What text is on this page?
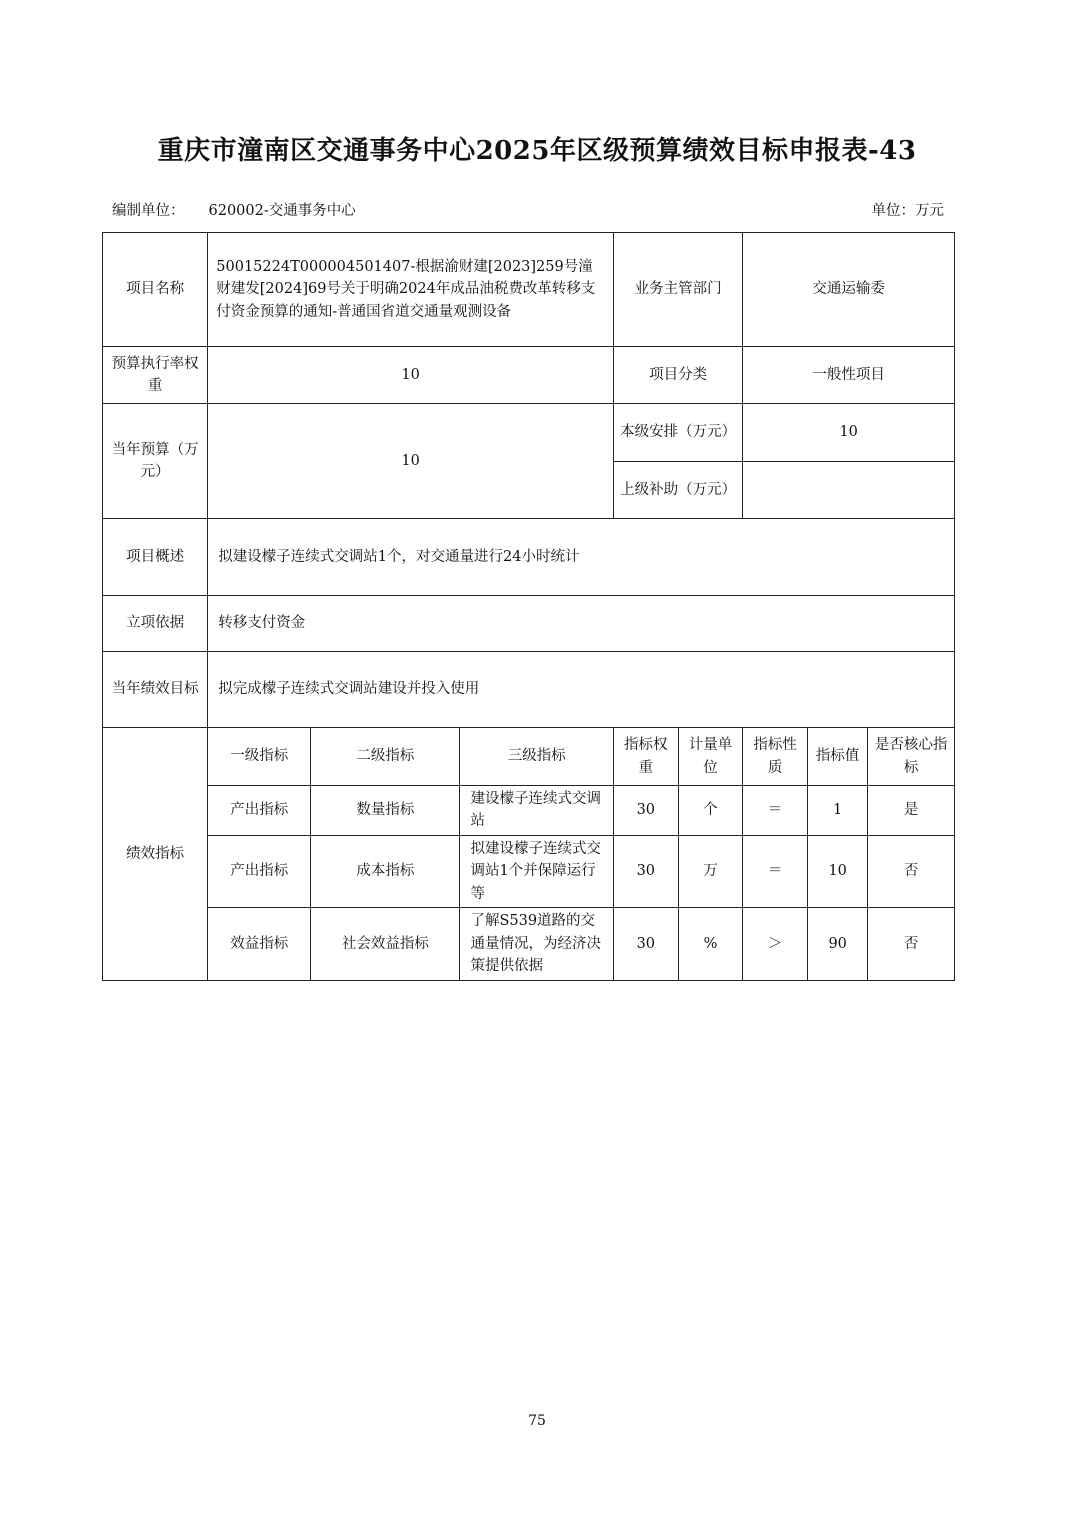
重庆市潼南区交通事务中心2025年区级预算绩效目标申报表-43
编制单位： 620002-交通事务中心	单位：万元
项目名称	50015224T000004501407-根据渝财建[2023]259号潼财建发[2024]69号关于明确2024年成品油税费改革转移支付资金预算的通知-普通国省道交通量观测设备			业务主管部门		交通运输委		
预算执行率权重	10			项目分类		一般性项目		
当年预算（万元）	10			本级安排（万元）		10		
				上级补助（万元）				
项目概述	拟建设檬子连续式交调站1个，对交通量进行24小时统计							
立项依据	转移支付资金							
当年绩效目标	拟完成檬子连续式交调站建设并投入使用							
绩效指标	一级指标	二级指标	三级指标	指标权重	计量单位	指标性质	指标值	是否核心指标
	产出指标	数量指标	建设檬子连续式交调站	30	个	＝	1	是
	产出指标	成本指标	拟建设檬子连续式交调站1个并保障运行等	30	万	＝	10	否
	效益指标	社会效益指标	了解S539道路的交通量情况，为经济决策提供依据	30	%	＞	90	否
75
